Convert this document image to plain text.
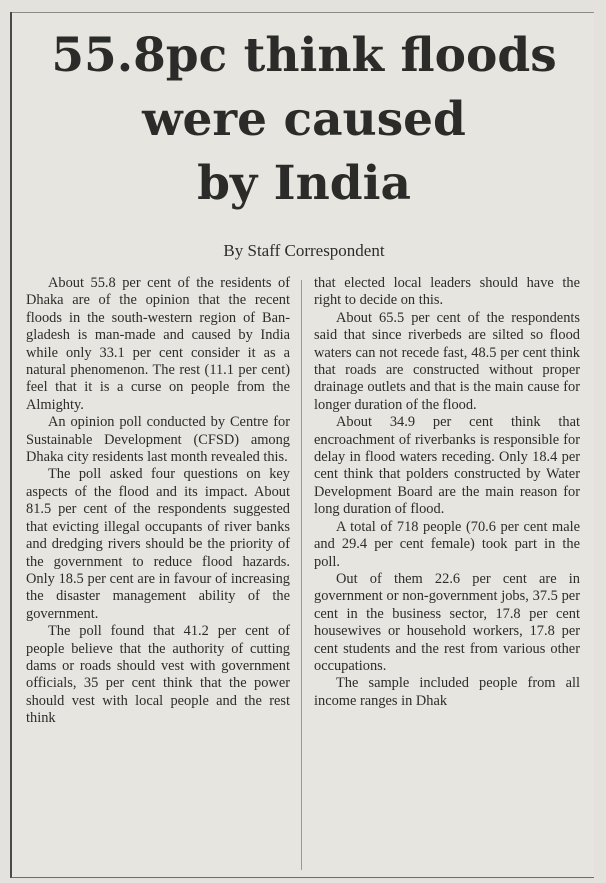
55.8pc think floods
were caused
by India

By Staff Correspondent

About 55.8 per cent of the residents of Dhaka are of the opinion that the recent floods in the south-western region of Bangladesh is man-made and caused by India while only 33.1 per cent consider it as a natural phenomenon. The rest (11.1 per cent) feel that it is a curse on people from the Almighty.

An opinion poll conducted by Centre for Sustainable Development (CFSD) among Dhaka city residents last month revealed this.

The poll asked four questions on key aspects of the flood and its impact. About 81.5 per cent of the respondents suggested that evicting illegal occupants of river banks and dredging rivers should be the priority of the government to reduce flood hazards. Only 18.5 per cent are in favour of increasing the disaster management ability of the government.

The poll found that 41.2 per cent of people believe that the authority of cutting dams or roads should vest with government officials, 35 per cent think that the power should vest with local people and the rest think

that elected local leaders should have the right to decide on this.

About 65.5 per cent of the respondents said that since riverbeds are silted so flood waters can not recede fast, 48.5 per cent think that roads are constructed without proper drainage outlets and that is the main cause for longer duration of the flood.

About 34.9 per cent think that encroachment of riverbanks is responsible for delay in flood waters receding. Only 18.4 per cent think that polders constructed by Water Development Board are the main reason for long duration of flood.

A total of 718 people (70.6 per cent male and 29.4 per cent female) took part in the poll.

Out of them 22.6 per cent are in government or non-government jobs, 37.5 per cent in the business sector, 17.8 per cent housewives or household workers, 17.8 per cent students and the rest from various other occupations.

The sample included people from all income ranges in Dhak
